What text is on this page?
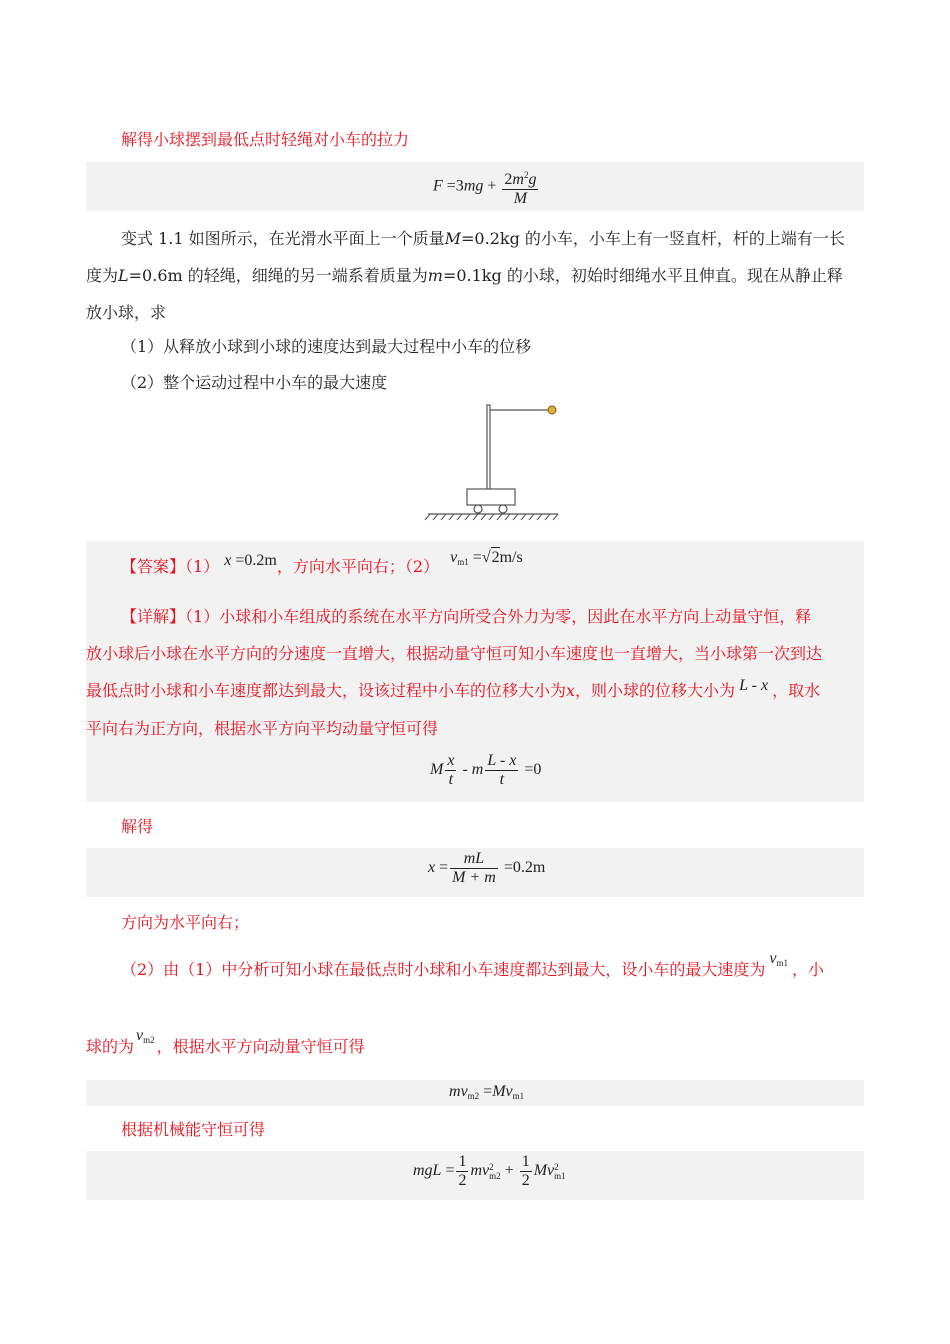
解得小球摆到最低点时轻绳对小车的拉力
$F =3mg + \frac{2m^2g}{M}$
变式 1.1 如图所示，在光滑水平面上一个质量M=0.2kg 的小车，小车上有一竖直杆，杆的上端有一长
度为L=0.6m 的轻绳，细绳的另一端系着质量为m=0.1kg 的小球，初始时细绳水平且伸直。现在从静止释
放小球，求
（1）从释放小球到小球的速度达到最大过程中小车的位移
（2）整个运动过程中小车的最大速度
【答案】（1） x =0.2m，方向水平向右；（2） $v_{m1} =√2m/s$
【详解】（1）小球和小车组成的系统在水平方向所受合外力为零，因此在水平方向上动量守恒，释
放小球后小球在水平方向的分速度一直增大，根据动量守恒可知小车速度也一直增大，当小球第一次到达
最低点时小球和小车速度都达到最大，设该过程中小车的位移大小为x，则小球的位移大小为 L - x ，取水
平向右为正方向，根据水平方向平均动量守恒可得
M $\frac{x}{t} - m \frac{L - x}{t} =0$
解得
$x = \frac{mL}{M + m} =0.2m$
方向为水平向右；
（2）由（1）中分析可知小球在最低点时小球和小车速度都达到最大，设小车的最大速度为$v_{m1}$ ，小
球的为$v_{m2}$ ，根据水平方向动量守恒可得
$mv_{m2} =Mv_{m1}$
根据机械能守恒可得
mgL = $\frac{1}{2}$ mv 2
$m2 + \frac{1}{2}$ Mv 2
m1
